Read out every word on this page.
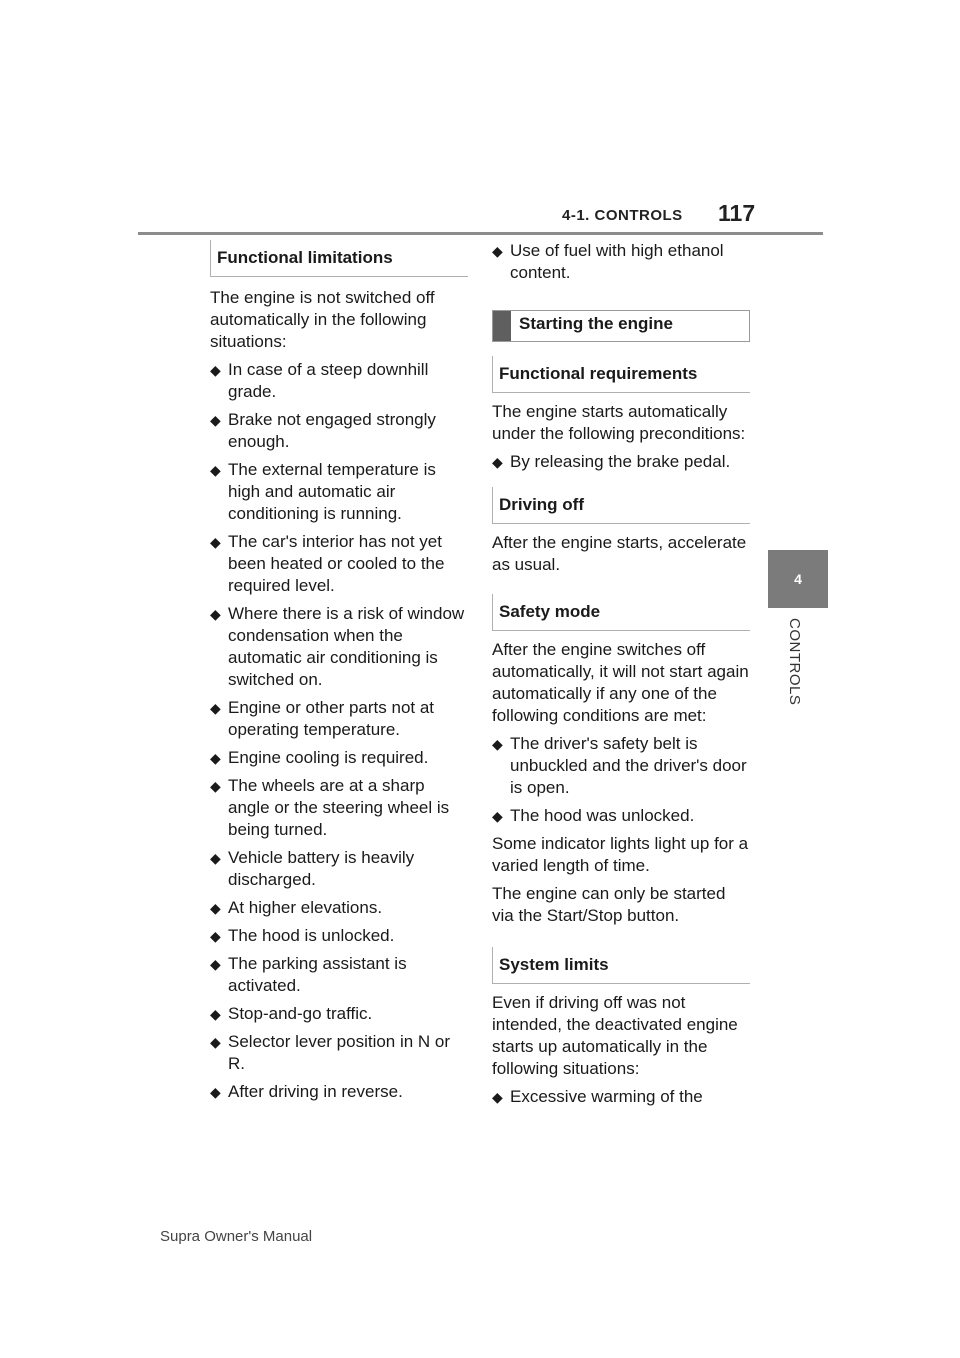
4-1. CONTROLS 117
4
CONTROLS
Functional limitations

The engine is not switched off automatically in the following situations:

◆ In case of a steep downhill grade.
◆ Brake not engaged strongly enough.
◆ The external temperature is high and automatic air conditioning is running.
◆ The car's interior has not yet been heated or cooled to the required level.
◆ Where there is a risk of window condensation when the automatic air conditioning is switched on.
◆ Engine or other parts not at operating temperature.
◆ Engine cooling is required.
◆ The wheels are at a sharp angle or the steering wheel is being turned.
◆ Vehicle battery is heavily discharged.
◆ At higher elevations.
◆ The hood is unlocked.
◆ The parking assistant is activated.
◆ Stop-and-go traffic.
◆ Selector lever position in N or R.
◆ After driving in reverse.
◆ Use of fuel with high ethanol content.
Starting the engine
Functional requirements

The engine starts automatically under the following preconditions:

◆ By releasing the brake pedal.
Driving off

After the engine starts, accelerate as usual.

Safety mode

After the engine switches off automatically, it will not start again automatically if any one of the following conditions are met:

◆ The driver's safety belt is unbuckled and the driver's door is open.
◆ The hood was unlocked.

Some indicator lights light up for a varied length of time.

The engine can only be started via the Start/Stop button.

System limits

Even if driving off was not intended, the deactivated engine starts up automatically in the following situations:

◆ Excessive warming of the
Supra Owner's Manual
